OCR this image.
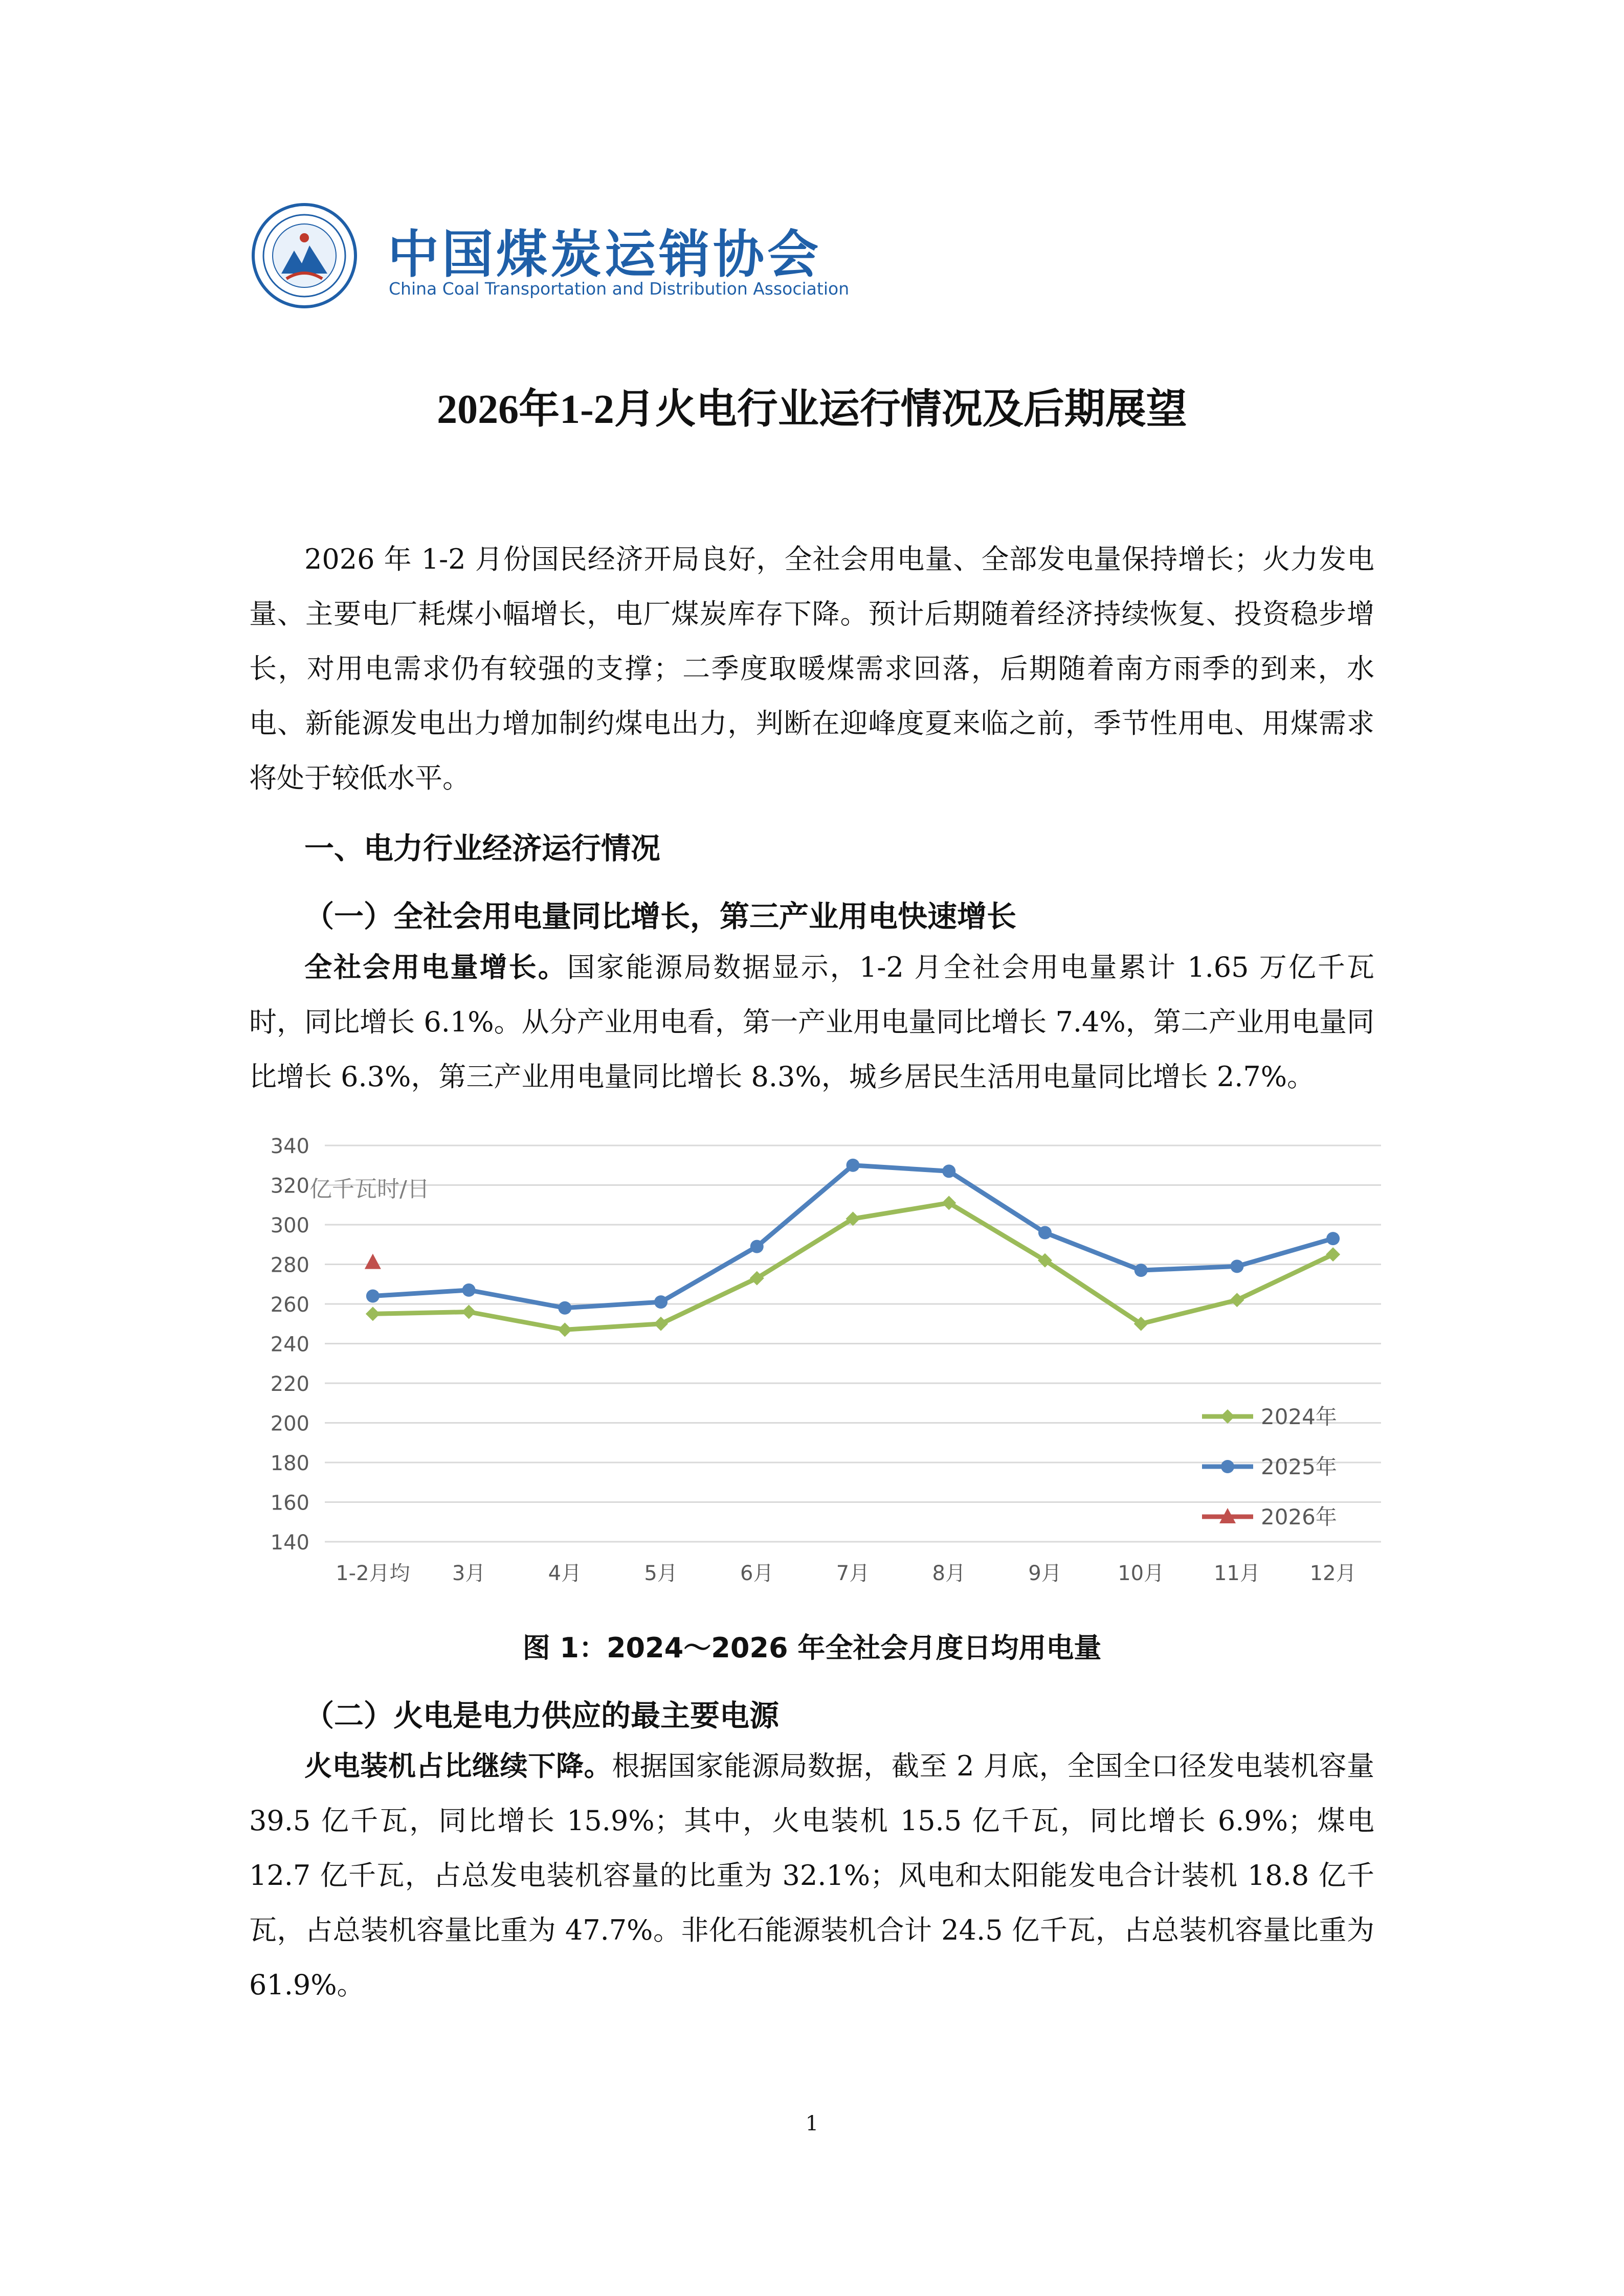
中国煤炭运销协会
China Coal Transportation and Distribution Association
2026年1-2月火电行业运行情况及后期展望

2026 年 1-2 月份国民经济开局良好，全社会用电量、全部发电量保持增长；火力发电量、主要电厂耗煤小幅增长，电厂煤炭库存下降。预计后期随着经济持续恢复、投资稳步增长，对用电需求仍有较强的支撑；二季度取暖煤需求回落，后期随着南方雨季的到来，水电、新能源发电出力增加制约煤电出力，判断在迎峰度夏来临之前，季节性用电、用煤需求将处于较低水平。

一、电力行业经济运行情况
（一）全社会用电量同比增长，第三产业用电快速增长

全社会用电量增长。国家能源局数据显示，1-2 月全社会用电量累计 1.65 万亿千瓦时，同比增长 6.1%。从分产业用电看，第一产业用电量同比增长 7.4%，第二产业用电量同比增长 6.3%，第三产业用电量同比增长 8.3%，城乡居民生活用电量同比增长 2.7%。

340
320
300
280
260
240
220
200
180
160
140
1-2月均 3月	4月	5月	6月	7月	8月	9月	10月 11月 12月
亿千瓦时/日
2024年
2025年
2026年
图 1：2024～2026 年全社会月度日均用电量
（二）火电是电力供应的最主要电源

火电装机占比继续下降。根据国家能源局数据，截至 2 月底，全国全口径发电装机容量 39.5 亿千瓦，同比增长 15.9%；其中，火电装机 15.5 亿千瓦，同比增长 6.9%；煤电 12.7 亿千瓦，占总发电装机容量的比重为 32.1%；风电和太阳能发电合计装机 18.8 亿千瓦，占总装机容量比重为 47.7%。非化石能源装机合计 24.5 亿千瓦，占总装机容量比重为 61.9%。

1
